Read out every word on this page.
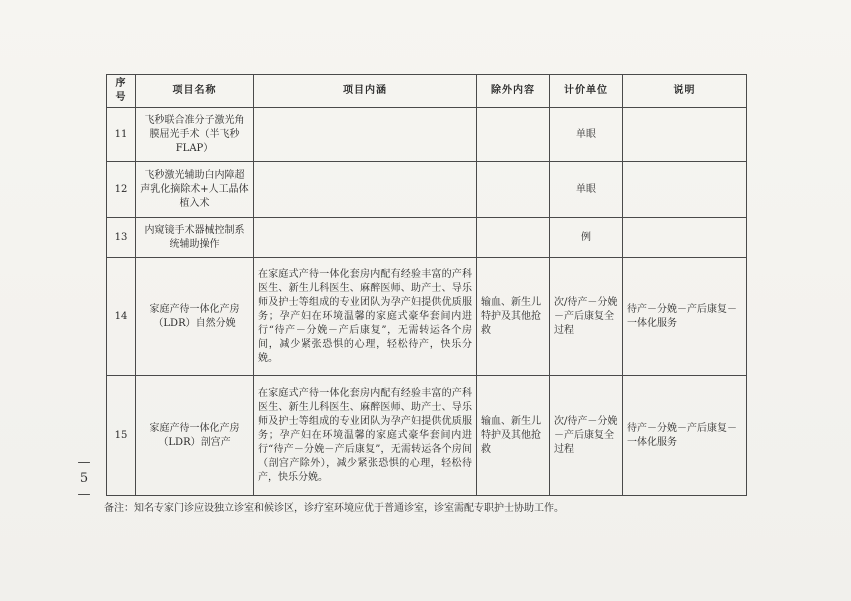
序号	项目名称	项目内涵	除外内容	计价单位	说明
11	飞秒联合准分子激光角膜屈光手术（半飞秒FLAP）			单眼	
12	飞秒激光辅助白内障超声乳化摘除术+人工晶体植入术			单眼	
13	内窥镜手术器械控制系统辅助操作			例	
14	家庭产待一体化产房（LDR）自然分娩	在家庭式产待一体化套房内配有经验丰富的产科医生、新生儿科医生、麻醉医师、助产士、导乐师及护士等组成的专业团队为孕产妇提供优质服务；孕产妇在环境温馨的家庭式豪华套间内进行“待产－分娩－产后康复”，无需转运各个房间，减少紧张恐惧的心理，轻松待产，快乐分娩。	输血、新生儿特护及其他抢救	次/待产－分娩－产后康复全过程	待产－分娩－产后康复－一体化服务
15	家庭产待一体化产房（LDR）剖宫产	在家庭式产待一体化套房内配有经验丰富的产科医生、新生儿科医生、麻醉医师、助产士、导乐师及护士等组成的专业团队为孕产妇提供优质服务；孕产妇在环境温馨的家庭式豪华套间内进行“待产－分娩－产后康复”，无需转运各个房间（剖宫产除外），减少紧张恐惧的心理，轻松待产，快乐分娩。	输血、新生儿特护及其他抢救	次/待产－分娩－产后康复全过程	待产－分娩－产后康复－一体化服务
—
5
—
备注：知名专家门诊应设独立诊室和候诊区，诊疗室环境应优于普通诊室，诊室需配专职护士协助工作。
